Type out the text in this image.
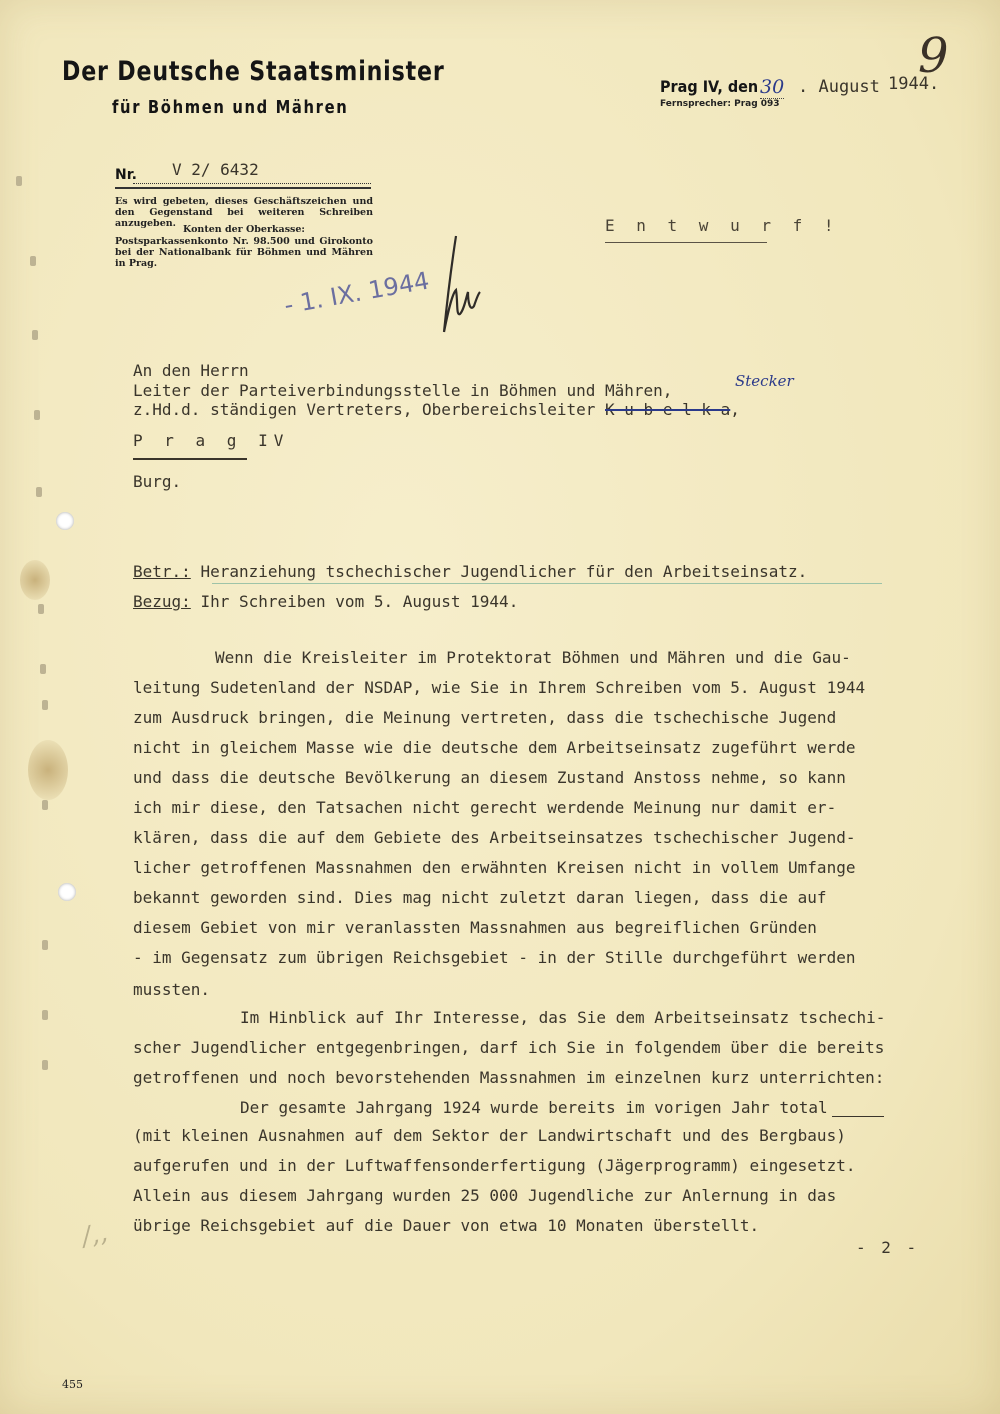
Der Deutsche Staatsminister
für Böhmen und Mähren
Prag IV, den 30 . August 1944.
9
Fernsprecher: Prag 093
Nr. V 2/ 6432
Es wird gebeten, dieses Geschäftszeichen und den Gegenstand bei weiteren Schreiben anzugeben.
Konten der Oberkasse:
Postsparkassenkonto Nr. 98.500 und Girokonto bei der Nationalbank für Böhmen und Mähren in Prag.
E n t w u r f !
- 1. IX. 1944
An den Herrn
Leiter der Parteiverbindungsstelle in Böhmen und Mähren,	Stecker
z.Hd.d. ständigen Vertreters, Oberbereichsleiter K u b e l k a,
P r a g IV
Burg.
Betr.: Heranziehung tschechischer Jugendlicher für den Arbeitseinsatz.
Bezug: Ihr Schreiben vom 5. August 1944.
Wenn die Kreisleiter im Protektorat Böhmen und Mähren und die Gau-
leitung Sudetenland der NSDAP, wie Sie in Ihrem Schreiben vom 5. August 1944
zum Ausdruck bringen, die Meinung vertreten, dass die tschechische Jugend
nicht in gleichem Masse wie die deutsche dem Arbeitseinsatz zugeführt werde
und dass die deutsche Bevölkerung an diesem Zustand Anstoss nehme, so kann
ich mir diese, den Tatsachen nicht gerecht werdende Meinung nur damit er-
klären, dass die auf dem Gebiete des Arbeitseinsatzes tschechischer Jugend-
licher getroffenen Massnahmen den erwähnten Kreisen nicht in vollem Umfange
bekannt geworden sind. Dies mag nicht zuletzt daran liegen, dass die auf
diesem Gebiet von mir veranlassten Massnahmen aus begreiflichen Gründen
- im Gegensatz zum übrigen Reichsgebiet - in der Stille durchgeführt werden
mussten.
Im Hinblick auf Ihr Interesse, das Sie dem Arbeitseinsatz tschechi-
scher Jugendlicher entgegenbringen, darf ich Sie in folgendem über die bereits
getroffenen und noch bevorstehenden Massnahmen im einzelnen kurz unterrichten:
Der gesamte Jahrgang 1924 wurde bereits im vorigen Jahr total
(mit kleinen Ausnahmen auf dem Sektor der Landwirtschaft und des Bergbaus)
aufgerufen und in der Luftwaffensonderfertigung (Jägerprogramm) eingesetzt.
Allein aus diesem Jahrgang wurden 25 000 Jugendliche zur Anlernung in das
übrige Reichsgebiet auf die Dauer von etwa 10 Monaten überstellt.
- 2 -
/,,
455
